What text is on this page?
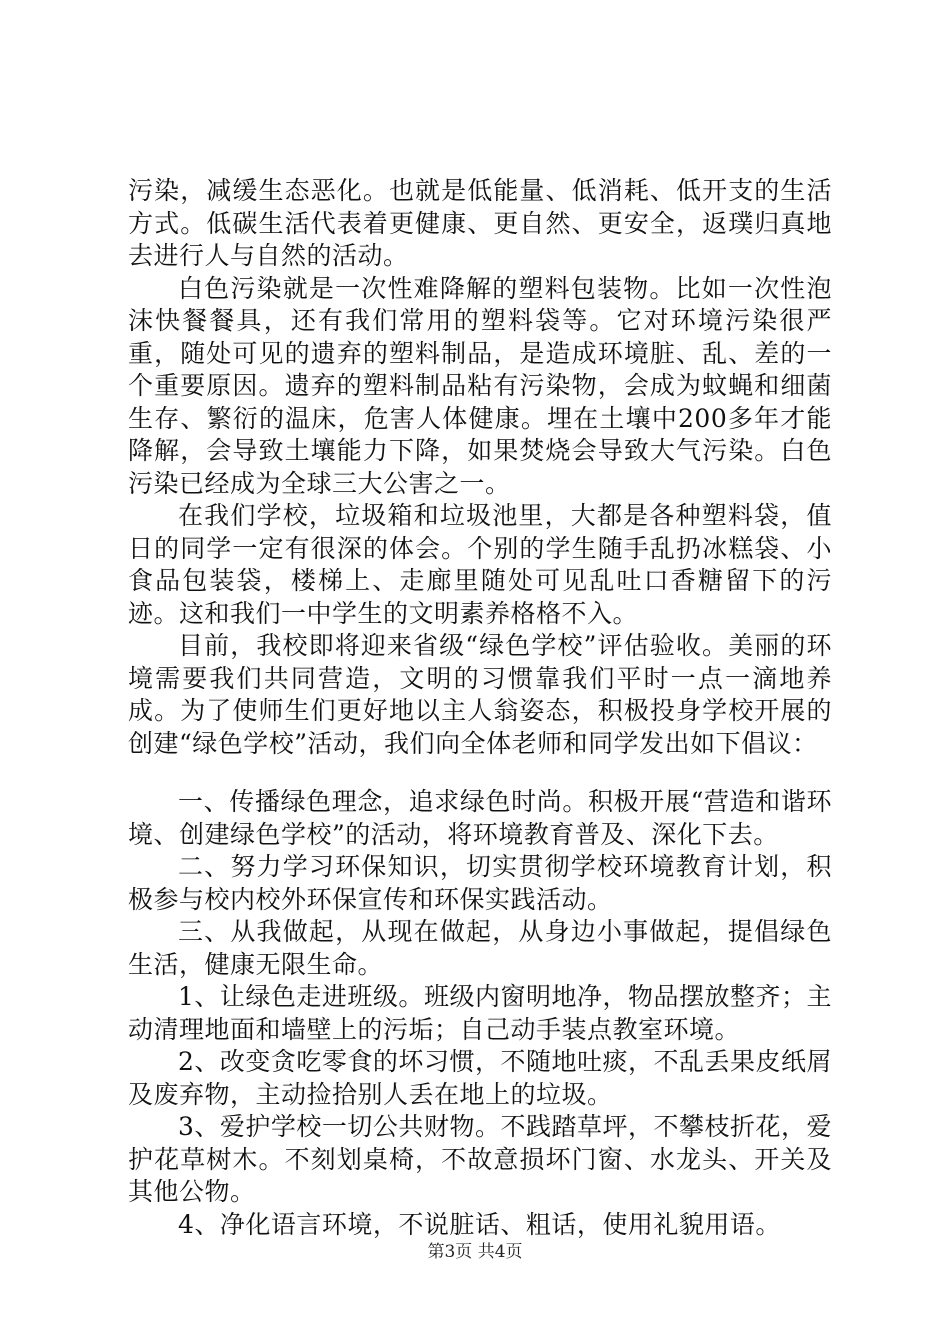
污染，减缓生态恶化。也就是低能量、低消耗、低开支的生活方式。低碳生活代表着更健康、更自然、更安全，返璞归真地去进行人与自然的活动。

白色污染就是一次性难降解的塑料包装物。比如一次性泡沫快餐餐具，还有我们常用的塑料袋等。它对环境污染很严重，随处可见的遗弃的塑料制品，是造成环境脏、乱、差的一个重要原因。遗弃的塑料制品粘有污染物，会成为蚊蝇和细菌生存、繁衍的温床，危害人体健康。埋在土壤中200多年才能降解，会导致土壤能力下降，如果焚烧会导致大气污染。白色污染已经成为全球三大公害之一。

在我们学校，垃圾箱和垃圾池里，大都是各种塑料袋，值日的同学一定有很深的体会。个别的学生随手乱扔冰糕袋、小食品包装袋，楼梯上、走廊里随处可见乱吐口香糖留下的污迹。这和我们一中学生的文明素养格格不入。

目前，我校即将迎来省级“绿色学校”评估验收。美丽的环境需要我们共同营造，文明的习惯靠我们平时一点一滴地养成。为了使师生们更好地以主人翁姿态，积极投身学校开展的创建“绿色学校”活动，我们向全体老师和同学发出如下倡议：

一、传播绿色理念，追求绿色时尚。积极开展“营造和谐环境、创建绿色学校”的活动，将环境教育普及、深化下去。

二、努力学习环保知识，切实贯彻学校环境教育计划，积极参与校内校外环保宣传和环保实践活动。

三、从我做起，从现在做起，从身边小事做起，提倡绿色生活，健康无限生命。

1、让绿色走进班级。班级内窗明地净，物品摆放整齐；主动清理地面和墙壁上的污垢；自己动手装点教室环境。

2、改变贪吃零食的坏习惯，不随地吐痰，不乱丢果皮纸屑及废弃物，主动捡拾别人丢在地上的垃圾。

3、爱护学校一切公共财物。不践踏草坪，不攀枝折花，爱护花草树木。不刻划桌椅，不故意损坏门窗、水龙头、开关及其他公物。

4、净化语言环境，不说脏话、粗话，使用礼貌用语。

第3页 共4页
